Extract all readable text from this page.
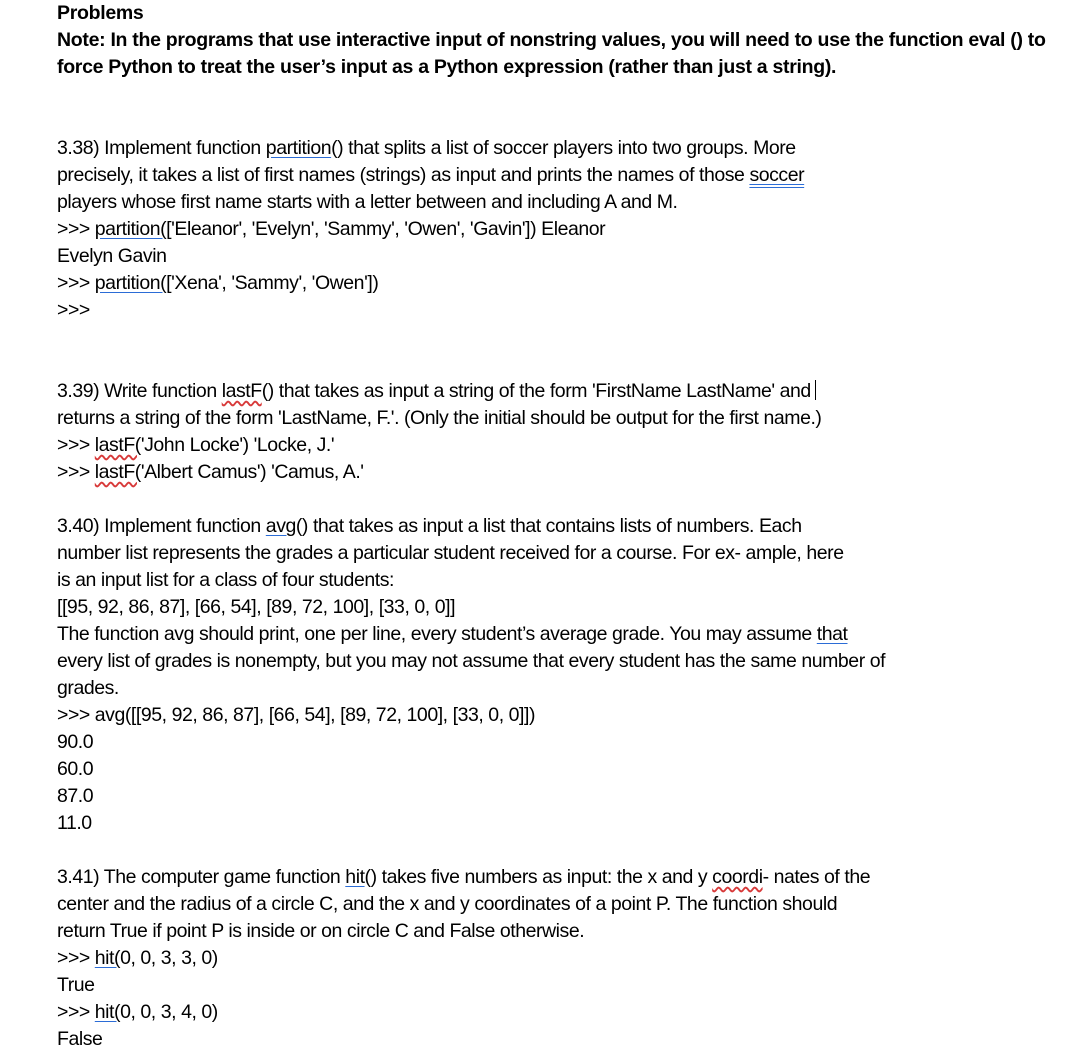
Problems
Note: In the programs that use interactive input of nonstring values, you will need to use the function eval () to
force Python to treat the user’s input as a Python expression (rather than just a string).
3.38) Implement function partition() that splits a list of soccer players into two groups. More
precisely, it takes a list of first names (strings) as input and prints the names of those soccer
players whose first name starts with a letter between and including A and M.
>>> partition(['Eleanor', 'Evelyn', 'Sammy', 'Owen', 'Gavin']) Eleanor
Evelyn Gavin
>>> partition(['Xena', 'Sammy', 'Owen'])
>>>
3.39) Write function lastF() that takes as input a string of the form 'FirstName LastName' and
returns a string of the form 'LastName, F.'. (Only the initial should be output for the first name.)
>>> lastF('John Locke') 'Locke, J.'
>>> lastF('Albert Camus') 'Camus, A.'
3.40) Implement function avg() that takes as input a list that contains lists of numbers. Each
number list represents the grades a particular student received for a course. For ex- ample, here
is an input list for a class of four students:
[[95, 92, 86, 87], [66, 54], [89, 72, 100], [33, 0, 0]]
The function avg should print, one per line, every student’s average grade. You may assume that
every list of grades is nonempty, but you may not assume that every student has the same number of
grades.
>>> avg([[95, 92, 86, 87], [66, 54], [89, 72, 100], [33, 0, 0]])
90.0
60.0
87.0
11.0
3.41) The computer game function hit() takes five numbers as input: the x and y coordi- nates of the
center and the radius of a circle C, and the x and y coordinates of a point P. The function should
return True if point P is inside or on circle C and False otherwise.
>>> hit(0, 0, 3, 3, 0)
True
>>> hit(0, 0, 3, 4, 0)
False
